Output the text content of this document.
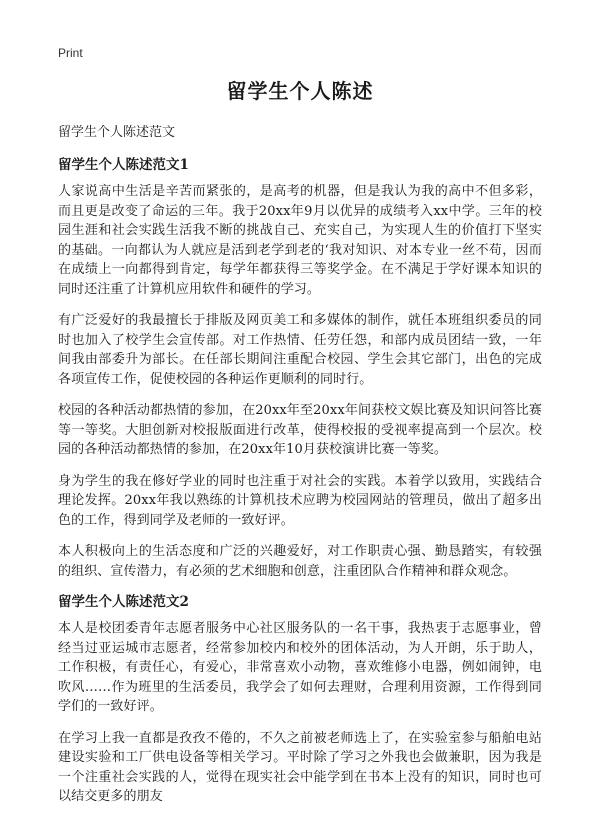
Print
留学生个人陈述
留学生个人陈述范文
留学生个人陈述范文1

人家说高中生活是辛苦而紧张的，是高考的机器，但是我认为我的高中不但多彩，而且更是改变了命运的三年。我于20xx年9月以优异的成绩考入xx中学。三年的校园生涯和社会实践生活我不断的挑战自己、充实自己，为实现人生的价值打下坚实的基础。一向都认为人就应是活到老学到老的‘我对知识、对本专业一丝不苟，因而在成绩上一向都得到肯定，每学年都获得三等奖学金。在不满足于学好课本知识的同时还注重了计算机应用软件和硬件的学习。

有广泛爱好的我最擅长于排版及网页美工和多媒体的制作，就任本班组织委员的同时也加入了校学生会宣传部。对工作热情、任劳任怨，和部内成员团结一致，一年间我由部委升为部长。在任部长期间注重配合校园、学生会其它部门，出色的完成各项宣传工作，促使校园的各种运作更顺利的同时行。

校园的各种活动都热情的参加，在20xx年至20xx年间获校文娱比赛及知识问答比赛等一等奖。大胆创新对校报版面进行改革，使得校报的受视率提高到一个层次。校园的各种活动都热情的参加，在20xx年10月获校演讲比赛一等奖。

身为学生的我在修好学业的同时也注重于对社会的实践。本着学以致用，实践结合理论发挥。20xx年我以熟练的计算机技术应聘为校园网站的管理员，做出了超多出色的工作，得到同学及老师的一致好评。

本人积极向上的生活态度和广泛的兴趣爱好，对工作职责心强、勤恳踏实，有较强的组织、宣传潜力，有必须的艺术细胞和创意，注重团队合作精神和群众观念。

留学生个人陈述范文2

本人是校团委青年志愿者服务中心社区服务队的一名干事，我热衷于志愿事业，曾经当过亚运城市志愿者，经常参加校内和校外的团体活动，为人开朗，乐于助人，工作积极，有责任心，有爱心，非常喜欢小动物，喜欢维修小电器，例如闹钟，电吹风……作为班里的生活委员，我学会了如何去理财，合理利用资源，工作得到同学们的一致好评。

在学习上我一直都是孜孜不倦的，不久之前被老师选上了，在实验室参与船舶电站建设实验和工厂供电设备等相关学习。平时除了学习之外我也会做兼职，因为我是一个注重社会实践的人，觉得在现实社会中能学到在书本上没有的知识，同时也可以结交更多的朋友
